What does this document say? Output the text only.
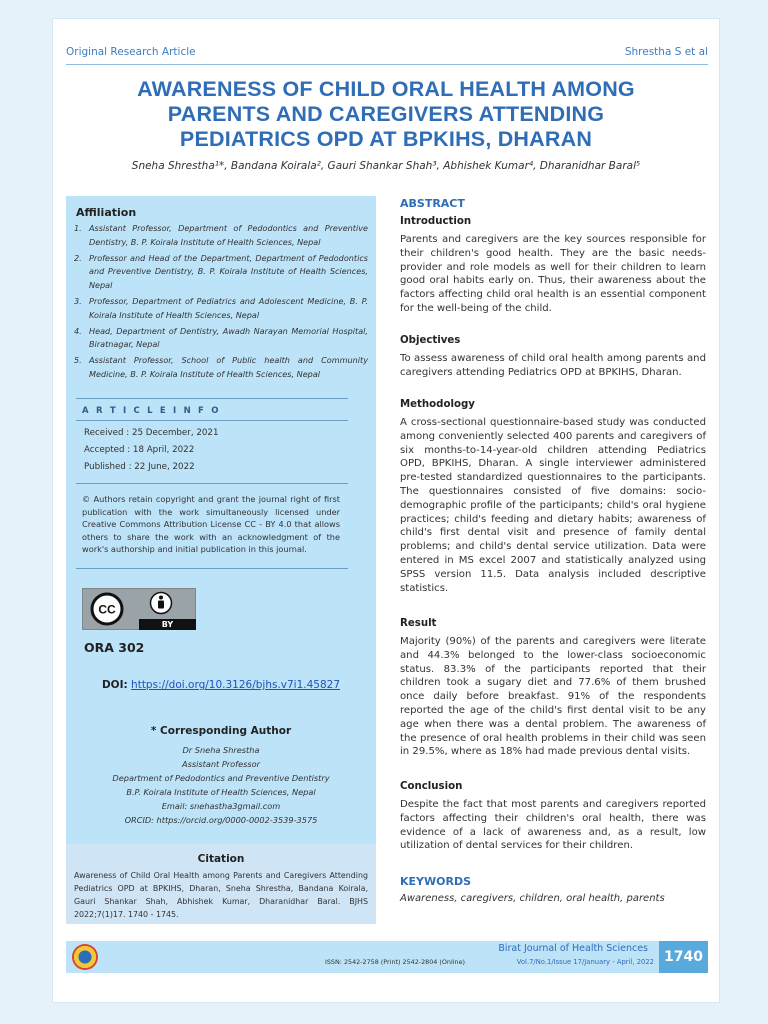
Original Research Article	Shrestha S et al
AWARENESS OF CHILD ORAL HEALTH AMONG
PARENTS AND CAREGIVERS ATTENDING
PEDIATRICS OPD AT BPKIHS, DHARAN
Sneha Shrestha¹*, Bandana Koirala², Gauri Shankar Shah³, Abhishek Kumar⁴, Dharanidhar Baral⁵
Affiliation
1. Assistant Professor, Department of Pedodontics and Preventive Dentistry, B. P. Koirala Institute of Health Sciences, Nepal
2. Professor and Head of the Department, Department of Pedodontics and Preventive Dentistry, B. P. Koirala Institute of Health Sciences, Nepal
3. Professor, Department of Pediatrics and Adolescent Medicine, B. P. Koirala Institute of Health Sciences, Nepal
4. Head, Department of Dentistry, Awadh Narayan Memorial Hospital, Biratnagar, Nepal
5. Assistant Professor, School of Public health and Community Medicine, B. P. Koirala Institute of Health Sciences, Nepal
A R T I C L E I N F O
Received : 25 December, 2021
Accepted : 18 April, 2022
Published : 22 June, 2022
© Authors retain copyright and grant the journal right of first publication with the work simultaneously licensed under Creative Commons Attribution License CC - BY 4.0 that allows others to share the work with an acknowledgment of the work's authorship and initial publication in this journal.
CC
BY
ORA 302
DOI: https://doi.org/10.3126/bjhs.v7i1.45827
* Corresponding Author
Dr Sneha Shrestha
Assistant Professor
Department of Pedodontics and Preventive Dentistry
B.P. Koirala Institute of Health Sciences, Nepal
Email: snehastha3gmail.com
ORCID: https://orcid.org/0000-0002-3539-3575
Citation
Awareness of Child Oral Health among Parents and Caregivers Attending Pediatrics OPD at BPKIHS, Dharan, Sneha Shrestha, Bandana Koirala, Gauri Shankar Shah, Abhishek Kumar, Dharanidhar Baral. BJHS 2022;7(1)17. 1740 - 1745.
ABSTRACT
Introduction
Parents and caregivers are the key sources responsible for their children's good health. They are the basic needs-provider and role models as well for their children to learn good oral habits early on. Thus, their awareness about the factors affecting child oral health is an essential component for the well-being of the child.
Objectives
To assess awareness of child oral health among parents and caregivers attending Pediatrics OPD at BPKIHS, Dharan.
Methodology
A cross-sectional questionnaire-based study was conducted among conveniently selected 400 parents and caregivers of six months-to-14-year-old children attending Pediatrics OPD, BPKIHS, Dharan. A single interviewer administered pre-tested standardized questionnaires to the participants. The questionnaires consisted of five domains: socio-demographic profile of the participants; child's oral hygiene practices; child's feeding and dietary habits; awareness of child's first dental visit and presence of family dental problems; and child's dental service utilization. Data were entered in MS excel 2007 and statistically analyzed using SPSS version 11.5. Data analysis included descriptive statistics.
Result
Majority (90%) of the parents and caregivers were literate and 44.3% belonged to the lower-class socioeconomic status. 83.3% of the participants reported that their children took a sugary diet and 77.6% of them brushed once daily before breakfast. 91% of the respondents reported the age of the child's first dental visit to be any age when there was a dental problem. The awareness of the presence of oral health problems in their child was seen in 29.5%, where as 18% had made previous dental visits.
Conclusion
Despite the fact that most parents and caregivers reported factors affecting their children's oral health, there was evidence of a lack of awareness and, as a result, low utilization of dental services for their children.
KEYWORDS
Awareness, caregivers, children, oral health, parents
Birat Journal of Health Sciences
ISSN: 2542-2758 (Print) 2542-2804 (Online)	Vol.7/No.1/Issue 17/January - April, 2022 1740
